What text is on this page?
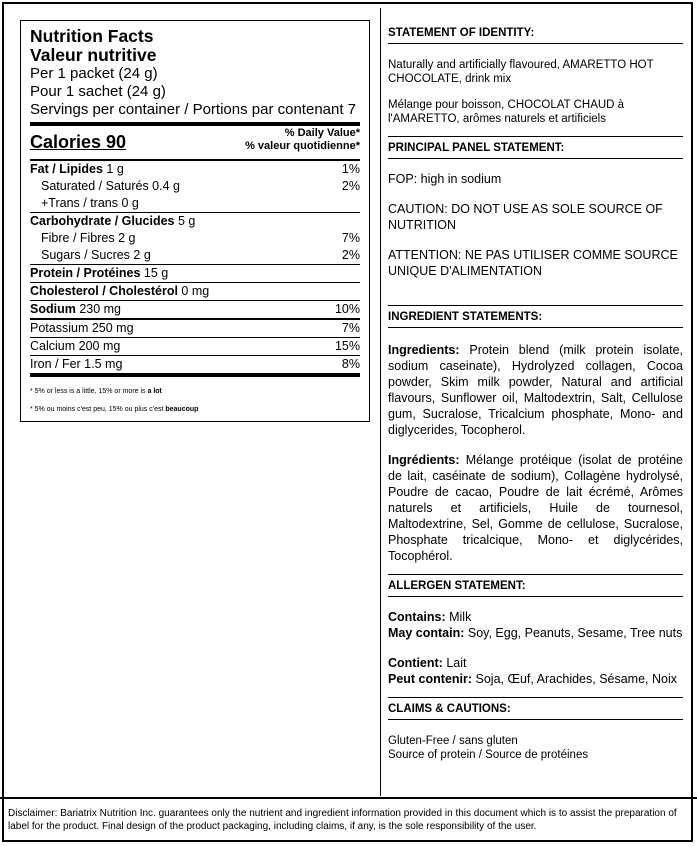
Nutrition Facts
Valeur nutritive
Per 1 packet (24 g)
Pour 1 sachet (24 g)
Servings per container / Portions par contenant 7
Calories 90	% Daily Value*
% valeur quotidienne*
Fat / Lipides 1 g	1%
Saturated / Saturés 0.4 g	2%
+Trans / trans 0 g
Carbohydrate / Glucides 5 g
Fibre / Fibres 2 g	7%
Sugars / Sucres 2 g	2%
Protein / Protéines 15 g
Cholesterol / Cholestérol 0 mg
Sodium 230 mg	10%
Potassium 250 mg	7%
Calcium 200 mg	15%
Iron / Fer 1.5 mg	8%
* 5% or less is a little, 15% or more is a lot
* 5% ou moins c'est peu, 15% ou plus c'est beaucoup
STATEMENT OF IDENTITY:

Naturally and artificially flavoured, AMARETTO HOT CHOCOLATE, drink mix

Mélange pour boisson, CHOCOLAT CHAUD à l'AMARETTO, arômes naturels et artificiels

PRINCIPAL PANEL STATEMENT:

FOP: high in sodium

CAUTION: DO NOT USE AS SOLE SOURCE OF NUTRITION

ATTENTION: NE PAS UTILISER COMME SOURCE UNIQUE D'ALIMENTATION

INGREDIENT STATEMENTS:

Ingredients: Protein blend (milk protein isolate, sodium caseinate), Hydrolyzed collagen, Cocoa powder, Skim milk powder, Natural and artificial flavours, Sunflower oil, Maltodextrin, Salt, Cellulose gum, Sucralose, Tricalcium phosphate, Mono- and diglycerides, Tocopherol.

Ingrédients: Mélange protéique (isolat de protéine de lait, caséinate de sodium), Collagène hydrolysé, Poudre de cacao, Poudre de lait écrémé, Arômes naturels et artificiels, Huile de tournesol, Maltodextrine, Sel, Gomme de cellulose, Sucralose, Phosphate tricalcique, Mono- et diglycérides, Tocophérol.

ALLERGEN STATEMENT:

Contains: Milk

May contain: Soy, Egg, Peanuts, Sesame, Tree nuts

Contient: Lait

Peut contenir: Soja, Œuf, Arachides, Sésame, Noix

CLAIMS & CAUTIONS:

Gluten-Free / sans gluten

Source of protein / Source de protéines

Disclaimer: Bariatrix Nutrition Inc. guarantees only the nutrient and ingredient information provided in this document which is to assist the preparation of label for the product. Final design of the product packaging, including claims, if any, is the sole responsibility of the user.
